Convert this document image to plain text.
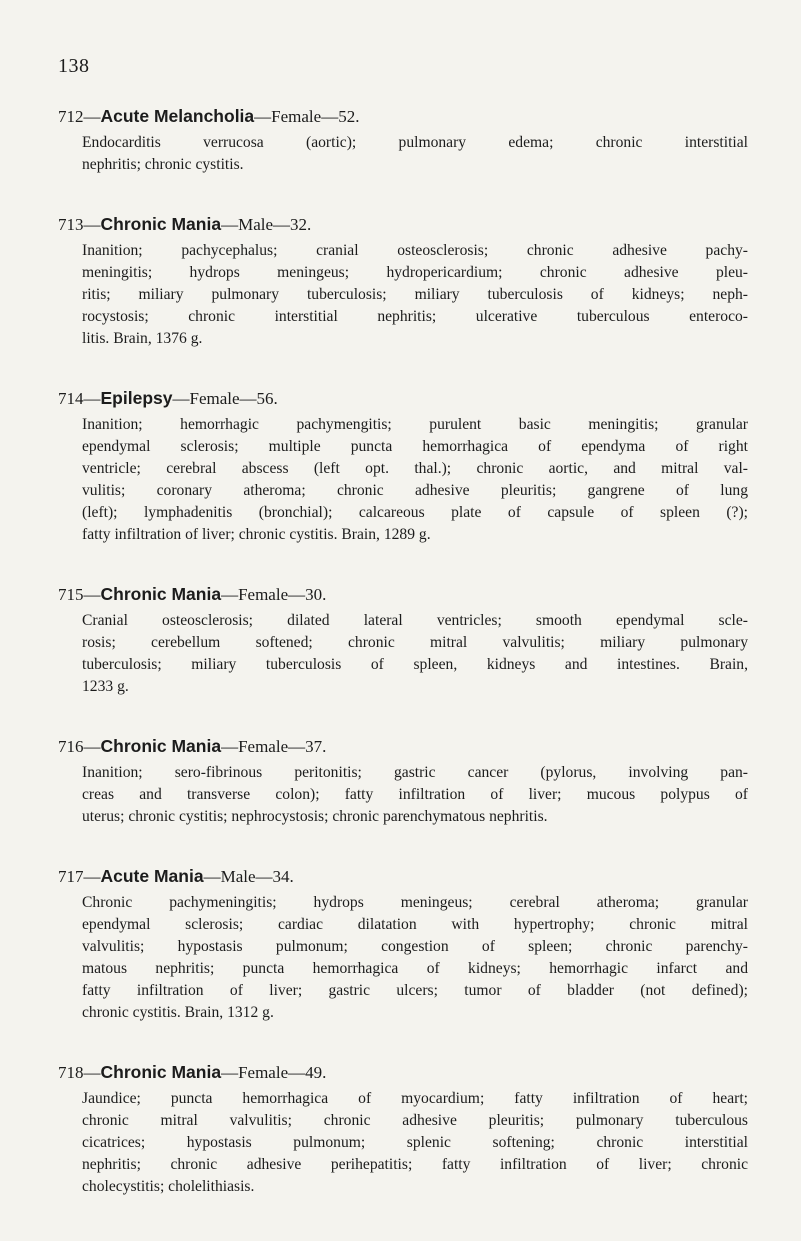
138
712—Acute Melancholia—Female—52.
Endocarditis verrucosa (aortic); pulmonary edema; chronic interstitial
nephritis; chronic cystitis.
713—Chronic Mania—Male—32.
Inanition; pachycephalus; cranial osteosclerosis; chronic adhesive pachy-
meningitis; hydrops meningeus; hydropericardium; chronic adhesive pleu-
ritis; miliary pulmonary tuberculosis; miliary tuberculosis of kidneys; neph-
rocystosis; chronic interstitial nephritis; ulcerative tuberculous enteroco-
litis. Brain, 1376 g.
714—Epilepsy—Female—56.
Inanition; hemorrhagic pachymengitis; purulent basic meningitis; granular
ependymal sclerosis; multiple puncta hemorrhagica of ependyma of right
ventricle; cerebral abscess (left opt. thal.); chronic aortic, and mitral val-
vulitis; coronary atheroma; chronic adhesive pleuritis; gangrene of lung
(left); lymphadenitis (bronchial); calcareous plate of capsule of spleen (?);
fatty infiltration of liver; chronic cystitis. Brain, 1289 g.
715—Chronic Mania—Female—30.
Cranial osteosclerosis; dilated lateral ventricles; smooth ependymal scle-
rosis; cerebellum softened; chronic mitral valvulitis; miliary pulmonary
tuberculosis; miliary tuberculosis of spleen, kidneys and intestines. Brain,
1233 g.
716—Chronic Mania—Female—37.
Inanition; sero-fibrinous peritonitis; gastric cancer (pylorus, involving pan-
creas and transverse colon); fatty infiltration of liver; mucous polypus of
uterus; chronic cystitis; nephrocystosis; chronic parenchymatous nephritis.
717—Acute Mania—Male—34.
Chronic pachymeningitis; hydrops meningeus; cerebral atheroma; granular
ependymal sclerosis; cardiac dilatation with hypertrophy; chronic mitral
valvulitis; hypostasis pulmonum; congestion of spleen; chronic parenchy-
matous nephritis; puncta hemorrhagica of kidneys; hemorrhagic infarct and
fatty infiltration of liver; gastric ulcers; tumor of bladder (not defined);
chronic cystitis. Brain, 1312 g.
718—Chronic Mania—Female—49.
Jaundice; puncta hemorrhagica of myocardium; fatty infiltration of heart;
chronic mitral valvulitis; chronic adhesive pleuritis; pulmonary tuberculous
cicatrices; hypostasis pulmonum; splenic softening; chronic interstitial
nephritis; chronic adhesive perihepatitis; fatty infiltration of liver; chronic
cholecystitis; cholelithiasis.
